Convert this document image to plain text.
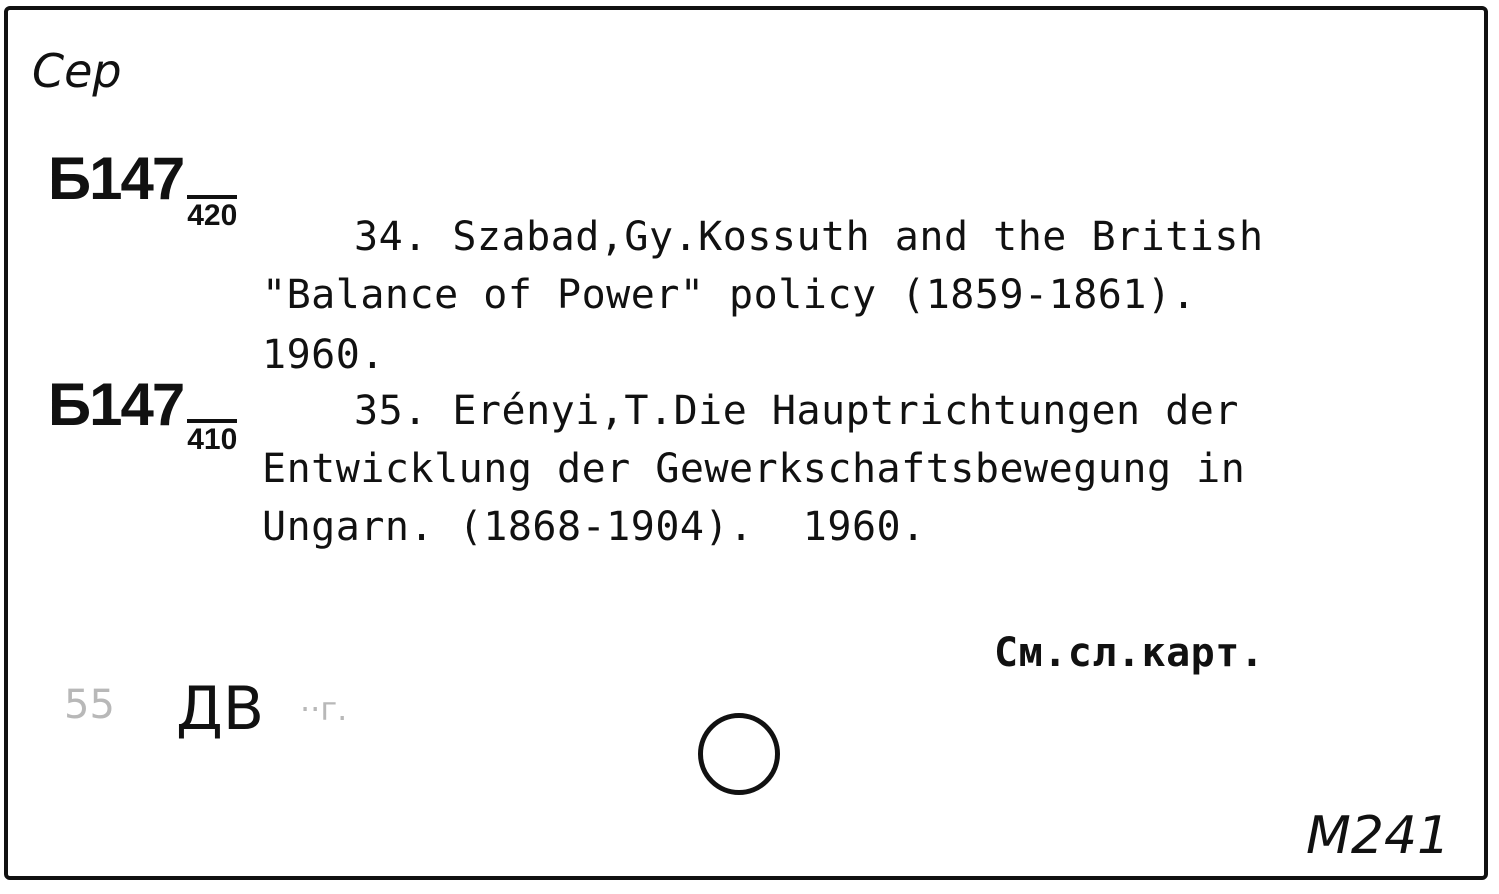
Сер
Б147420	34. Szabad,Gy.Kossuth and the British
"Balance of Power" policy (1859-1861).
1960.
Б147410
35. Erényi,T.Die Hauptrichtungen der
Entwicklung der Gewerkschaftsbewegung in
Ungarn. (1868-1904).  1960.
См.сл.карт.
55 ДВ ··г.
М241
